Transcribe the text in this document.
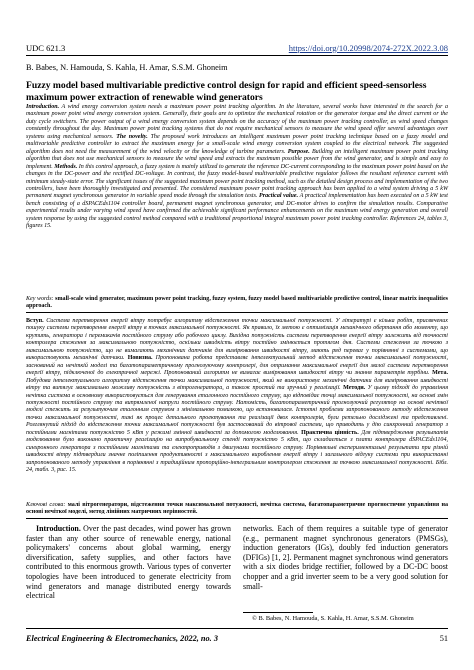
UDC 621.3	https://doi.org/10.20998/2074-272X.2022.3.08
B. Babes, N. Hamouda, S. Kahla, H. Amar, S.S.M. Ghoneim
Fuzzy model based multivariable predictive control design for rapid and efficient speed-sensorless maximum power extraction of renewable wind generators
Introduction. A wind energy conversion system needs a maximum power point tracking algorithm. In the literature, several works have interested in the search for a maximum power point wind energy conversion system. Generally, their goals are to optimize the mechanical rotation or the generator torque and the direct current or the duty cycle switchers. The power output of a wind energy conversion system depends on the accuracy of the maximum power tracking controller, as wind speed changes constantly throughout the day. Maximum power point tracking systems that do not require mechanical sensors to measure the wind speed offer several advantages over systems using mechanical sensors. The novelty. The proposed work introduces an intelligent maximum power point tracking technique based on a fuzzy model and multivariable predictive controller to extract the maximum energy for a small-scale wind energy conversion system coupled to the electrical network. The suggested algorithm does not need the measurement of the wind velocity or the knowledge of turbine parameters. Purpose. Building an intelligent maximum power point tracking algorithm that does not use mechanical sensors to measure the wind speed and extracts the maximum possible power from the wind generator, and is simple and easy to implement. Methods. In this control approach, a fuzzy system is mainly utilized to generate the reference DC-current corresponding to the maximum power point based on the changes in the DC-power and the rectified DC-voltage. In contrast, the fuzzy model-based multivariable predictive regulator follows the resultant reference current with minimum steady-state error. The significant issues of the suggested maximum power point tracking method, such as the detailed design process and implementation of the two controllers, have been thoroughly investigated and presented. The considered maximum power point tracking approach has been applied to a wind system driving a 5 kW permanent magnet synchronous generator in variable speed mode through the simulation tests. Practical value. A practical implementation has been executed on a 5 kW test bench consisting of a dSPACEds1104 controller board, permanent magnet synchronous generator, and DC-motor drives to confirm the simulation results. Comparative experimental results under varying wind speed have confirmed the achievable significant performance enhancements on the maximum wind energy generation and overall system response by using the suggested control method compared with a traditional proportional integral maximum power point tracking controller. References 24, tables 3, figures 15.
Key words: small-scale wind generator, maximum power point tracking, fuzzy system, fuzzy model based multivariable predictive control, linear matrix inequalities approach.
Вступ. Система перетворення енергії вітру потребує алгоритму відстеження точки максимальної потужності. У літературі є кілька робіт, присвячених пошуку системи перетворення енергії вітру в точках максимальної потужності. Як правило, їх метою є оптимізація механічного обертання або моменту, що крутить, генератора і перемикачів постійного струму або робочого циклу. Вихідна потужність системи перетворення енергії вітру залежить від точності контролера стеження за максимальною потужністю, оскільки швидкість вітру постійно змінюється протягом дня. Системи стеження за точкою з максимальною потужністю, що не вимагають механічних датчиків для вимірювання швидкості вітру, мають ряд переваг у порівнянні з системами, що використовують механічні датчики. Новизна. Пропонована робота представляє інтелектуальний метод відстеження точки максимальної потужності, заснований на нечіткій моделі та багатопараметричному прогнозуючому контролері, для отримання максимальної енергії для малої системи перетворення енергії вітру, підключеної до електричної мережі. Пропонований алгоритм не вимагає вимірювання швидкості вітру чи знання параметрів турбіни. Мета. Побудова інтелектуального алгоритму відстеження точки максимальної потужності, який не використовує механічні датчики для вимірювання швидкості вітру та витягує максимально можливу потужність з вітрогенератора, а також простий та зручний у реалізації. Методи. У цьому підході до управління нечітка система в основному використовується для генерування еталонного постійного струму, що відповідає точці максимальної потужності, на основі змін потужності постійного струму та випрямленої напруги постійного струму. Натомість, багатопараметричний прогнозуючий регулятор на основі нечіткої моделі стежить за результуючим еталонним струмом з мінімальною помилкою, що встановилася. Істотні проблеми запропонованого методу відстеження точки максимальної потужності, такі як процес детального проектування та реалізації двох контролерів, були ретельно досліджені та представлені. Розглянутий підхід до відстеження точки максимальної потужності був застосований до вітрової системи, що приводить у дію синхронний генератор з постійними магнітами потужністю 5 кВт у режимі змінної швидкості за допомогою моделювання. Практична цінність. Для підтвердження результатів моделювання було виконано практичну реалізацію на випробувальному стенді потужністю 5 кВт, що складається з плати контролера dSPACEds1104, синхронного генератора з постійними магнітами та електроприводів з двигунами постійного струму. Порівняльні експериментальні результати при різній швидкості вітру підтвердили значне поліпшення продуктивності з максимального вироблення енергії вітру і загального відгуку системи при використанні запропонованого методу управління в порівнянні з традиційним пропорційно-інтегральним контролером стеження за точкою максимальної потужності. Бібл. 24, табл. 3, рис. 15.
Ключові слова: малі вітрогенератори, відстеження точки максимальної потужності, нечітка система, багатопараметричне прогностичне управління на основі нечіткої моделі, метод лінійних матричних нерівностей.
Introduction. Over the past decades, wind power has grown faster than any other source of renewable energy, national policymakers' concerns about global warming, energy diversification, safety supplies, and other factors have contributed to this enormous growth. Various types of converter topologies have been introduced to generate electricity from wind generators and manage distributed energy towards electrical
networks. Each of them requires a suitable type of generator (e.g., permanent magnet synchronous generators (PMSGs), induction generators (IGs), doubly fed induction generators (DFIGs) [1, 2]. Permanent magnet synchronous wind generators with a six diodes bridge rectifier, followed by a DC-DC boost chopper and a grid inverter seem to be a very good solution for small-
© B. Babes, N. Hamouda, S. Kahla, H. Amar, S.S.M. Ghoneim
Electrical Engineering & Electromechanics, 2022, no. 3	51
